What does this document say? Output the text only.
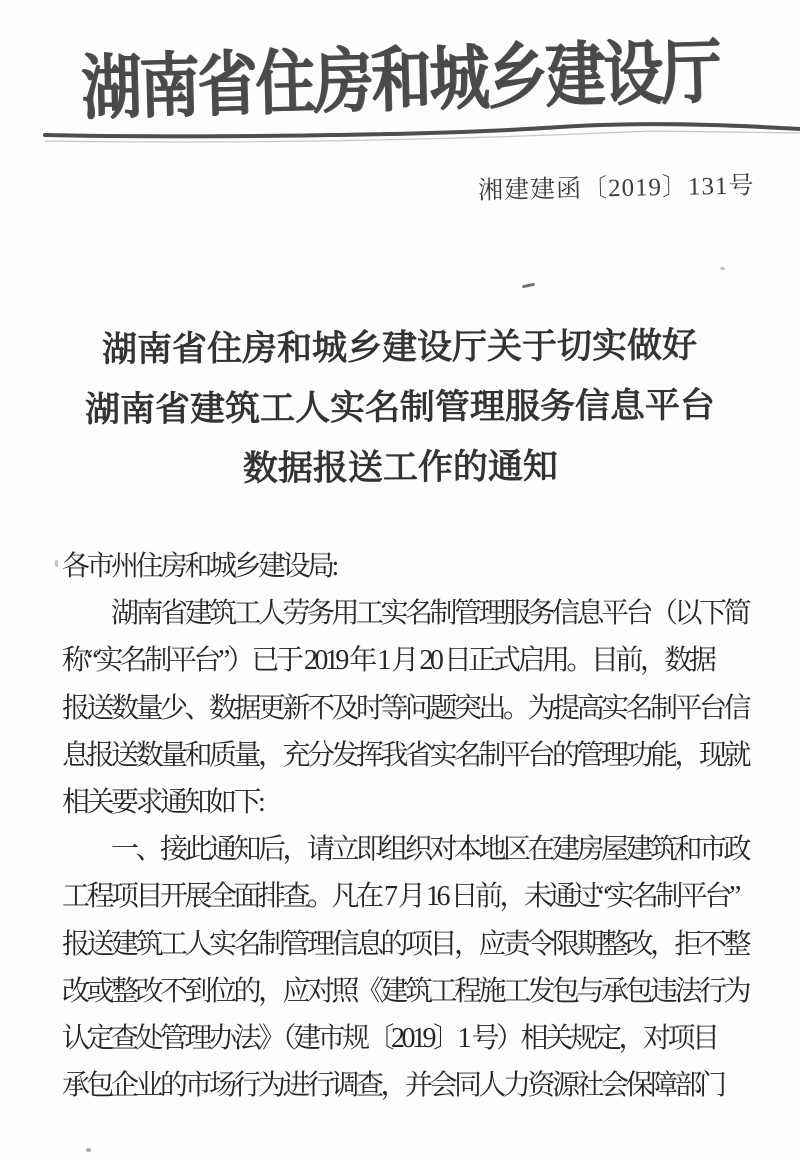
湖南省住房和城乡建设厅
湘建建函〔2019〕131号
湖南省住房和城乡建设厅关于切实做好
湖南省建筑工人实名制管理服务信息平台
数据报送工作的通知
各市州住房和城乡建设局:
湖南省建筑工人劳务用工实名制管理服务信息平台（以下简
称“实名制平台”）已于 2019 年 1 月 20 日正式启用。目前，数据
报送数量少、数据更新不及时等问题突出。为提高实名制平台信
息报送数量和质量，充分发挥我省实名制平台的管理功能，现就
相关要求通知如下:
一、接此通知后，请立即组织对本地区在建房屋建筑和市政
工程项目开展全面排查。凡在 7 月 16 日前，未通过“实名制平台”
报送建筑工人实名制管理信息的项目，应责令限期整改，拒不整
改或整改不到位的，应对照《建筑工程施工发包与承包违法行为
认定查处管理办法》（建市规〔2019〕1 号）相关规定，对项目
承包企业的市场行为进行调查，并会同人力资源社会保障部门
